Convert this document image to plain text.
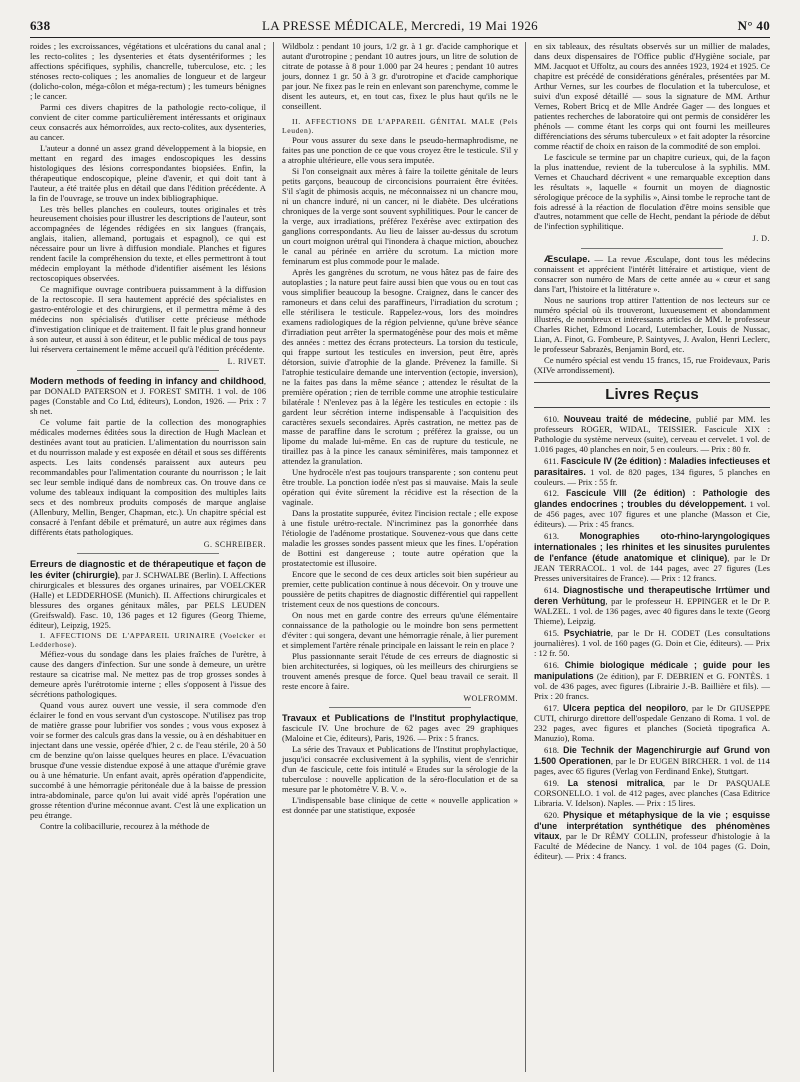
638	LA PRESSE MÉDICALE, Mercredi, 19 Mai 1926	N° 40

roides ; les excroissances, végétations et ulcérations du canal anal ; les recto-colites ; les dysenteries et états dysentériformes ; les affections spécifiques, syphilis, chancrelle, tuberculose, etc. ; les sténoses recto-coliques ; les anomalies de longueur et de largeur (dolicho-colon, méga-côlon et méga-rectum) ; les tumeurs bénignes ; le cancer.

Parmi ces divers chapitres de la pathologie recto-colique, il convient de citer comme particulièrement intéressants et originaux ceux consacrés aux hémorroïdes, aux recto-colites, aux dysenteries, au cancer.

L'auteur a donné un assez grand développement à la biopsie, en mettant en regard des images endoscopiques les dessins histologiques des lésions correspondantes biopsiées. Enfin, la thérapeutique endoscopique, pleine d'avenir, et qui doit tant à l'auteur, a été traitée plus en détail que dans l'édition précédente. A la fin de l'ouvrage, se trouve un index bibliographique.

Les très belles planches en couleurs, toutes originales et très heureusement choisies pour illustrer les descriptions de l'auteur, sont accompagnées de légendes rédigées en six langues (français, anglais, italien, allemand, portugais et espagnol), ce qui est nécessaire pour un livre à diffusion mondiale. Planches et figures rendent facile la compréhension du texte, et elles permettront à tout médecin employant la méthode d'identifier aisément les lésions rectoscopiques observées.

Ce magnifique ouvrage contribuera puissamment à la diffusion de la rectoscopie. Il sera hautement apprécié des spécialistes en gastro-entérologie et des chirurgiens, et il permettra même à des médecins non spécialisés d'utiliser cette précieuse méthode d'investigation clinique et de traitement. Il fait le plus grand honneur à son auteur, et aussi à son éditeur, et le public médical de tous pays lui réservera certainement le même accueil qu'à l'édition précédente.

L. RIVET.

Modern methods of feeding in infancy and childhood, par DONALD PATERSON et J. FOREST SMITH. 1 vol. de 106 pages (Constable and Co Ltd, éditeurs), London, 1926. — Prix : 7 sh net.

Ce volume fait partie de la collection des monographies médicales modernes éditées sous la direction de Hugh Maclean et destinées avant tout au praticien. L'alimentation du nourrisson sain et du nourrisson malade y est exposée en détail et sous ses différents aspects. Les laits condensés paraissent aux auteurs peu recommandables pour l'alimentation courante du nourrisson ; le lait sec leur semble indiqué dans de nombreux cas. On trouve dans ce volume des tableaux indiquant la composition des multiples laits secs et des nombreux produits composés de marque anglaise (Allenbury, Mellin, Benger, Chapman, etc.). Un chapitre spécial est consacré à l'enfant débile et prématuré, un autre aux régimes dans différents états pathologiques.

G. SCHREIBER.

Erreurs de diagnostic et de thérapeutique et façon de les éviter (chirurgie), par J. SCHWALBE (Berlin). I. Affections chirurgicales et blessures des organes urinaires, par VOELCKER (Halle) et LEDDERHOSE (Munich). II. Affections chirurgicales et blessures des organes génitaux mâles, par PELS LEUDEN (Greifswald). Fasc. 10, 136 pages et 12 figures (Georg Thieme, éditeur), Leipzig, 1925.

I. AFFECTIONS DE L'APPAREIL URINAIRE (Voelcker et Ledderhose).

Méfiez-vous du sondage dans les plaies fraîches de l'urètre, à cause des dangers d'infection. Sur une sonde à demeure, un urètre restaure sa cicatrise mal. Ne mettez pas de trop grosses sondes à demeure après l'urétrotomie interne ; elles s'opposent à l'issue des sécrétions pathologiques.

Quand vous aurez ouvert une vessie, il sera commode d'en éclairer le fond en vous servant d'un cystoscope. N'utilisez pas trop de matière grasse pour lubrifier vos sondes ; vous vous exposez à voir se former des calculs gras dans la vessie, ou à en déshabituer en injectant dans une vessie, opérée d'hier, 2 c. de l'eau stérile, 20 à 50 cm de benzine qu'on laisse quelques heures en place. L'évacuation brusque d'une vessie distendue exposé à une attaque d'urémie grave ou à une hématurie. Un enfant avait, après opération d'appendicite, succombé à une hémorragie péritonéale due à la baisse de pression intra-abdominale, parce qu'on lui avait vidé après l'opération une grosse rétention d'urine méconnue avant. C'est là une explication un peu étrange.

Contre la colibacillurie, recourez à la méthode de

Wildbolz : pendant 10 jours, 1/2 gr. à 1 gr. d'acide camphorique et autant d'urotropine ; pendant 10 autres jours, un litre de solution de citrate de potasse à 8 pour 1.000 par 24 heures ; pendant 10 autres jours, donnez 1 gr. 50 à 3 gr. d'urotropine et d'acide camphorique par jour. Ne fixez pas le rein en enlevant son parenchyme, comme le disent les auteurs, et, en tout cas, fixez le plus haut qu'ils ne le conseillent.

II. AFFECTIONS DE L'APPAREIL GÉNITAL MALE (Pels Leuden).

Pour vous assurer du sexe dans le pseudo-hermaphrodisme, ne faites pas une ponction de ce que vous croyez être le testicule. S'il y a atrophie ultérieure, elle vous sera imputée.

Si l'on conseignait aux mères à faire la toilette génitale de leurs petits garçons, beaucoup de circoncisions pourraient être évitées. S'il s'agit de phimosis acquis, ne méconnaissez ni un chancre mou, ni un chancre induré, ni un cancer, ni le diabète. Des ulcérations chroniques de la verge sont souvent syphilitiques. Pour le cancer de la verge, aux irradiations, préférez l'exérèse avec extirpation des ganglions correspondants. Au lieu de laisser au-dessus du scrotum un court moignon urétral qui l'inondera à chaque miction, abouchez le canal au périnée en arrière du scrotum. La miction more feminarum est plus commode pour le malade.

Après les gangrènes du scrotum, ne vous hâtez pas de faire des autoplasties ; la nature peut faire aussi bien que vous ou en tout cas vous simplifier beaucoup la besogne. Craignez, dans le cancer des ramoneurs et dans celui des paraffineurs, l'irradiation du scrotum ; elle stérilisera le testicule. Rappelez-vous, lors des moindres examens radiologiques de la région pelvienne, qu'une brève séance d'irradiation peut arrêter la spermatogénèse pour des mois et même des années : mettez des écrans protecteurs. La torsion du testicule, qui frappe surtout les testicules en inversion, peut être, après détorsion, suivie d'atrophie de la glande. Prévenez la famille. Si l'atrophie testiculaire demande une intervention (ectopie, inversion), ne la faites pas dans la même séance ; attendez le résultat de la première opération ; rien de terrible comme une atrophie testiculaire bilatérale ! N'enlevez pas à la légère les testicules en ectopie : ils gardent leur sécrétion interne indispensable à l'acquisition des caractères sexuels secondaires. Après castration, ne mettez pas de masse de paraffine dans le scrotum ; préférez la graisse, ou un lipome du malade lui-même. En cas de rupture du testicule, ne tiraillez pas à la pince les canaux séminifères, mais tamponnez et attendez la granulation.

Une hydrocèle n'est pas toujours transparente ; son contenu peut être trouble. La ponction iodée n'est pas si mauvaise. Mais la seule opération qui évite sûrement la récidive est la résection de la vaginale.

Dans la prostatite suppurée, évitez l'incision rectale ; elle expose à une fistule urétro-rectale. N'incriminez pas la gonorrhée dans l'étiologie de l'adénome prostatique. Souvenez-vous que dans cette maladie les grosses sondes passent mieux que les fines. L'opération de Bottini est dangereuse ; toute autre opération que la prostatectomie est illusoire.

Encore que le second de ces deux articles soit bien supérieur au premier, cette publication continue à nous décevoir. On y trouve une poussière de petits chapitres de diagnostic différentiel qui rappellent tristement ceux de nos questions de concours.

On nous met en garde contre des erreurs qu'une élémentaire connaissance de la pathologie ou le moindre bon sens permettent d'éviter : qui songera, devant une hémorragie rénale, à lier purement et simplement l'artère rénale principale en laissant le rein en place ?

Plus passionnante serait l'étude de ces erreurs de diagnostic si bien architecturées, si logiques, où les meilleurs des chirurgiens se trouvent amenés presque de force. Quel beau travail ce serait. Il reste encore à faire.

WOLFROMM.

Travaux et Publications de l'Institut prophylactique, fascicule IV. Une brochure de 62 pages avec 29 graphiques (Maloine et Cie, éditeurs), Paris, 1926. — Prix : 5 francs.

La série des Travaux et Publications de l'Institut prophylactique, jusqu'ici consacrée exclusivement à la syphilis, vient de s'enrichir d'un 4e fascicule, cette fois intitulé « Etudes sur la sérologie de la tuberculose : nouvelle application de la séro-floculation et de sa mesure par le photomètre V. B. V. ».

L'indispensable base clinique de cette « nouvelle application » est donnée par une statistique, exposée

en six tableaux, des résultats observés sur un millier de malades, dans deux dispensaires de l'Office public d'Hygiène sociale, par MM. Jacquot et Uffoltz, au cours des années 1923, 1924 et 1925. Ce chapitre est précédé de considérations générales, présentées par M. Arthur Vernes, sur les courbes de floculation et la tuberculose, et suivi d'un exposé détaillé — sous la signature de MM. Arthur Vernes, Robert Bricq et de Mlle Andrée Gager — des longues et patientes recherches de laboratoire qui ont permis de considérer les phénols — comme étant les corps qui ont fourni les meilleures différenciations des sérums tuberculeux » et fait adopter la résorcine comme réactif de choix en raison de la commodité de son emploi.

Le fascicule se termine par un chapitre curieux, qui, de la façon la plus inattendue, revient de la tuberculose à la syphilis. MM. Vernes et Chauchard décrivent « une remarquable exception dans les résultats », laquelle « fournit un moyen de diagnostic sérologique précoce de la syphilis », Ainsi tombe le reproche tant de fois adressé à la réaction de floculation d'être moins sensible que d'autres, notamment que celle de Hecht, pendant la période de début de l'infection syphilitique.

J. D.

Æsculape. — La revue Æsculape, dont tous les médecins connaissent et apprécient l'intérêt littéraire et artistique, vient de consacrer son numéro de Mars de cette année au « cœur et sang dans l'art, l'histoire et la littérature ».

Nous ne saurions trop attirer l'attention de nos lecteurs sur ce numéro spécial où ils trouveront, luxueusement et abondamment illustrés, de nombreux et intéressants articles de MM. le professeur Charles Richet, Edmond Locard, Lutembacher, Louis de Nussac, Lian, A. Finot, G. Fombeure, P. Saintyves, J. Avalon, Henri Leclerc, le professeur Sabrazès, Benjamin Bord, etc.

Ce numéro spécial est vendu 15 francs, 15, rue Froidevaux, Paris (XIVe arrondissement).

Livres Reçus

610. Nouveau traité de médecine, publié par MM. les professeurs ROGER, WIDAL, TEISSIER. Fascicule XIX : Pathologie du système nerveux (suite), cerveau et cervelet. 1 vol. de 1.016 pages, 40 planches en noir, 5 en couleurs. — Prix : 80 fr.

611. Fascicule IV (2e édition) : Maladies infectieuses et parasitaires. 1 vol. de 820 pages, 134 figures, 5 planches en couleurs. — Prix : 55 fr.

612. Fascicule VIII (2e édition) : Pathologie des glandes endocrines ; troubles du développement. 1 vol. de 456 pages, avec 107 figures et une planche (Masson et Cie, éditeurs). — Prix : 45 francs.

613. Monographies oto-rhino-laryngologiques internationales ; les rhinites et les sinusites purulentes de l'enfance (étude anatomique et clinique), par le Dr JEAN TERRACOL. 1 vol. de 144 pages, avec 27 figures (Les Presses universitaires de France). — Prix : 12 francs.

614. Diagnostische und therapeutische Irrtümer und deren Verhütung, par le professeur H. EPPINGER et le Dr P. WALZEL. 1 vol. de 136 pages, avec 40 figures dans le texte (Georg Thieme), Leipzig.

615. Psychiatrie, par le Dr H. CODET (Les consultations journalières). 1 vol. de 160 pages (G. Doin et Cie, éditeurs). — Prix : 12 fr. 50.

616. Chimie biologique médicale ; guide pour les manipulations (2e édition), par F. DEBRIEN et G. FONTÈS. 1 vol. de 436 pages, avec figures (Librairie J.-B. Baillière et fils). — Prix : 20 francs.

617. Ulcera peptica del neopiloro, par le Dr GIUSEPPE CUTI, chirurgo direttore dell'ospedale Genzano di Roma. 1 vol. de 232 pages, avec figures et planches (Società tipografica A. Manuzio), Roma.

618. Die Technik der Magenchirurgie auf Grund von 1.500 Operationen, par le Dr EUGEN BIRCHER. 1 vol. de 114 pages, avec 65 figures (Verlag von Ferdinand Enke), Stuttgart.

619. La stenosi mitralica, par le Dr PASQUALE CORSONELLO. 1 vol. de 412 pages, avec planches (Casa Editrice Libraria. V. Idelson). Naples. — Prix : 15 lires.

620. Physique et métaphysique de la vie ; esquisse d'une interprétation synthétique des phénomènes vitaux, par le Dr RÉMY COLLIN, professeur d'histologie à la Faculté de Médecine de Nancy. 1 vol. de 104 pages (G. Doin, éditeur). — Prix : 4 francs.
